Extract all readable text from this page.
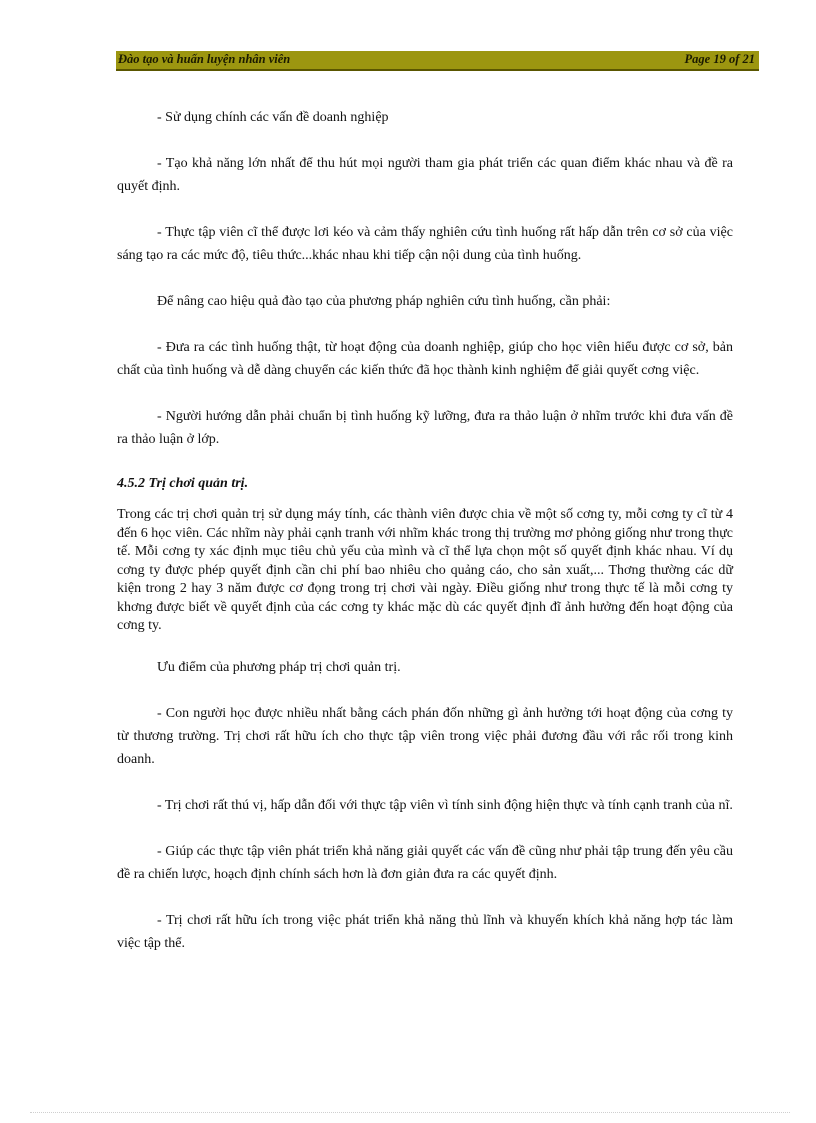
Đào tạo và huấn luyện nhân viên	Page 19 of 21

- Sử dụng chính các vấn đề doanh nghiệp

- Tạo khả năng lớn nhất để thu hút mọi người tham gia phát triển các quan điểm khác nhau và đề ra quyết định.

- Thực tập viên cĩ thể được lơi kéo và cảm thấy nghiên cứu tình huống rất hấp dẫn trên cơ sở của việc sáng tạo ra các mức độ, tiêu thức...khác nhau khi tiếp cận nội dung của tình huống.

Để nâng cao hiệu quả đào tạo của phương pháp nghiên cứu tình huống, cần phải:

- Đưa ra các tình huống thật, từ hoạt động của doanh nghiệp, giúp cho học viên hiểu được cơ sở, bản chất của tình huống và dễ dàng chuyển các kiến thức đã học thành kinh nghiệm để giải quyết cơng việc.

- Người hướng dẫn phải chuẩn bị tình huống kỹ lưỡng, đưa ra thảo luận ở nhĩm trước khi đưa vấn đề ra thảo luận ở lớp.

4.5.2 Trị chơi quản trị.

Trong các trị chơi quản trị sử dụng máy tính, các thành viên được chia về một số cơng ty, mỗi cơng ty cĩ từ 4 đến 6 học viên. Các nhĩm này phải cạnh tranh với nhĩm khác trong thị trường mơ phỏng giống như trong thực tế. Mỗi cơng ty xác định mục tiêu chủ yếu của mình và cĩ thể lựa chọn một số quyết định khác nhau. Ví dụ cơng ty được phép quyết định cần chi phí bao nhiêu cho quảng cáo, cho sản xuất,... Thơng thường các dữ kiện trong 2 hay 3 năm được cơ đọng trong trị chơi vài ngày. Điều giống như trong thực tế là mỗi cơng ty khơng được biết về quyết định của các cơng ty khác mặc dù các quyết định đĩ ảnh hưởng đến hoạt động của cơng ty.

Ưu điểm của phương pháp trị chơi quản trị.

- Con người học được nhiều nhất bằng cách phán đốn những gì ảnh hưởng tới hoạt động của cơng ty từ thương trường. Trị chơi rất hữu ích cho thực tập viên trong việc phải đương đầu với rắc rối trong kinh doanh.

- Trị chơi rất thú vị, hấp dẫn đối với thực tập viên vì tính sinh động hiện thực và tính cạnh tranh của nĩ.

- Giúp các thực tập viên phát triển khả năng giải quyết các vấn đề cũng như phải tập trung đến yêu cầu đề ra chiến lược, hoạch định chính sách hơn là đơn giản đưa ra các quyết định.

- Trị chơi rất hữu ích trong việc phát triển khả năng thủ lĩnh và khuyến khích khả năng hợp tác làm việc tập thể.
